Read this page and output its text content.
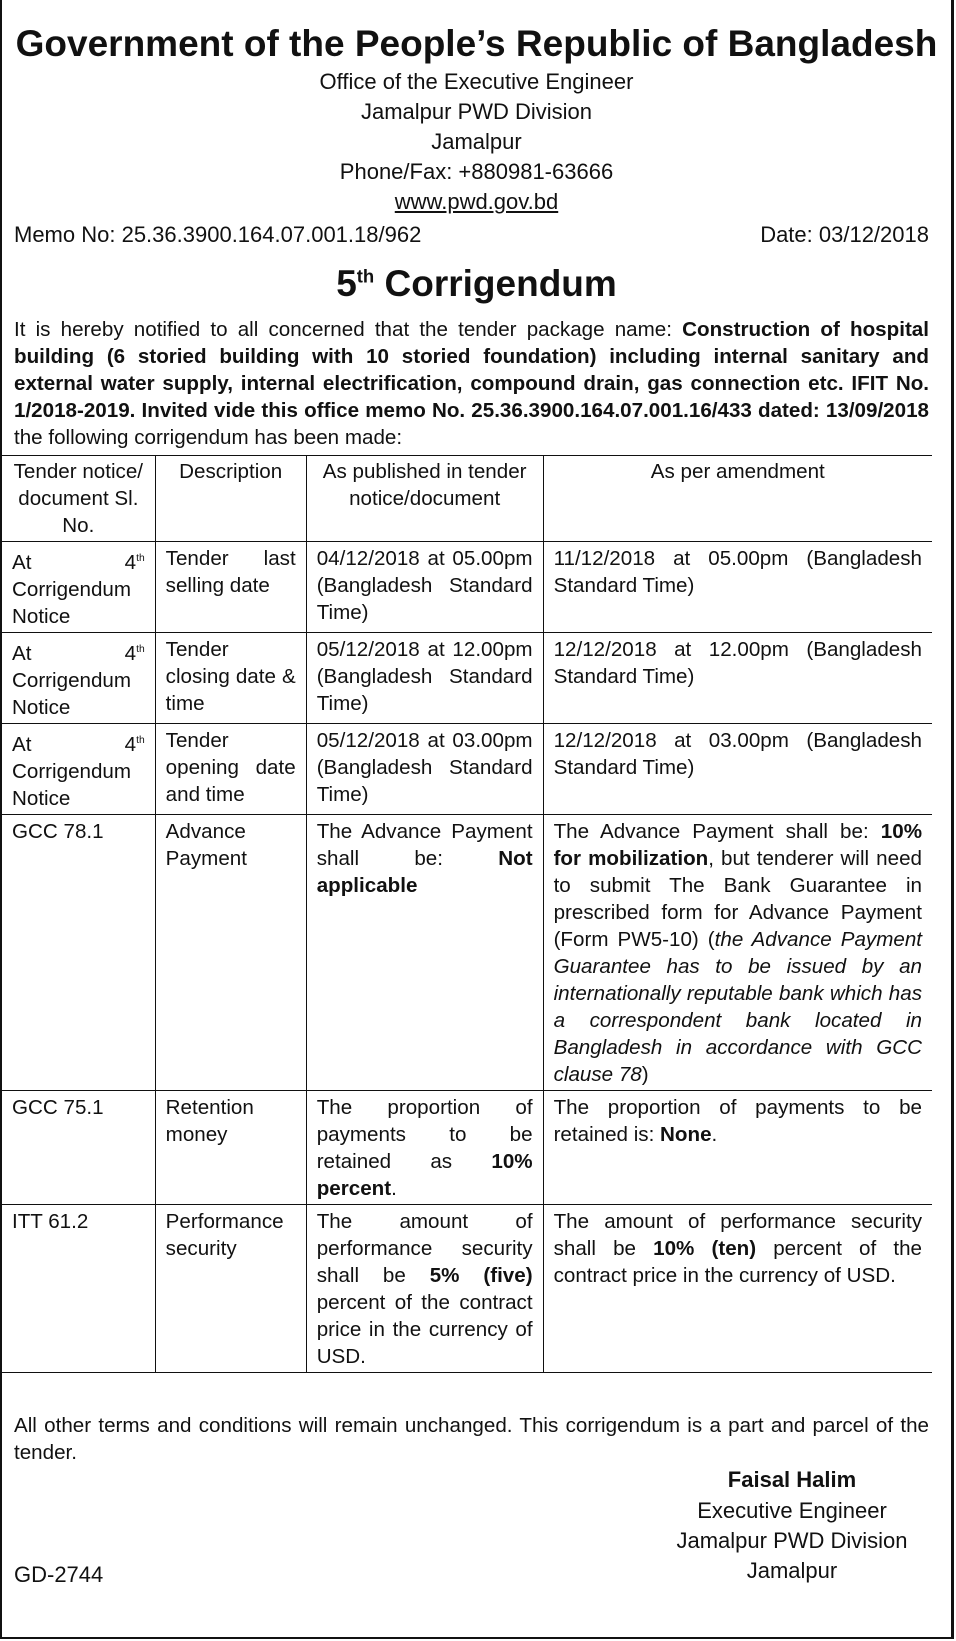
Government of the People’s Republic of Bangladesh
Office of the Executive Engineer
Jamalpur PWD Division
Jamalpur
Phone/Fax: +880981-63666
www.pwd.gov.bd
Memo No: 25.36.3900.164.07.001.18/962	Date: 03/12/2018
5th Corrigendum
It is hereby notified to all concerned that the tender package name: Construction of hospital building (6 storied building with 10 storied foundation) including internal sanitary and external water supply, internal electrification, compound drain, gas connection etc. IFIT No. 1/2018-2019. Invited vide this office memo No. 25.36.3900.164.07.001.16/433 dated: 13/09/2018 the following corrigendum has been made:
Tender notice/ document Sl. No.	Description	As published in tender notice/document	As per amendment
At 4th Corrigendum Notice	Tender last selling date	04/12/2018 at 05.00pm (Bangladesh Standard Time)	11/12/2018 at 05.00pm (Bangladesh Standard Time)
At 4th Corrigendum Notice	Tender closing date & time	05/12/2018 at 12.00pm (Bangladesh Standard Time)	12/12/2018 at 12.00pm (Bangladesh Standard Time)
At 4th Corrigendum Notice	Tender opening date and time	05/12/2018 at 03.00pm (Bangladesh Standard Time)	12/12/2018 at 03.00pm (Bangladesh Standard Time)
GCC 78.1	Advance Payment	The Advance Payment shall be: Not applicable	The Advance Payment shall be: 10% for mobilization, but tenderer will need to submit The Bank Guarantee in prescribed form for Advance Payment (Form PW5-10) (the Advance Payment Guarantee has to be issued by an internationally reputable bank which has a correspondent bank located in Bangladesh in accordance with GCC clause 78)
GCC 75.1	Retention money	The proportion of payments to be retained as 10% percent.	The proportion of payments to be retained is: None.
ITT 61.2	Performance security	The amount of performance security shall be 5% (five) percent of the contract price in the currency of USD.	The amount of performance security shall be 10% (ten) percent of the contract price in the currency of USD.
All other terms and conditions will remain unchanged. This corrigendum is a part and parcel of the tender.
Faisal Halim
Executive Engineer
Jamalpur PWD Division
Jamalpur
GD-2744
